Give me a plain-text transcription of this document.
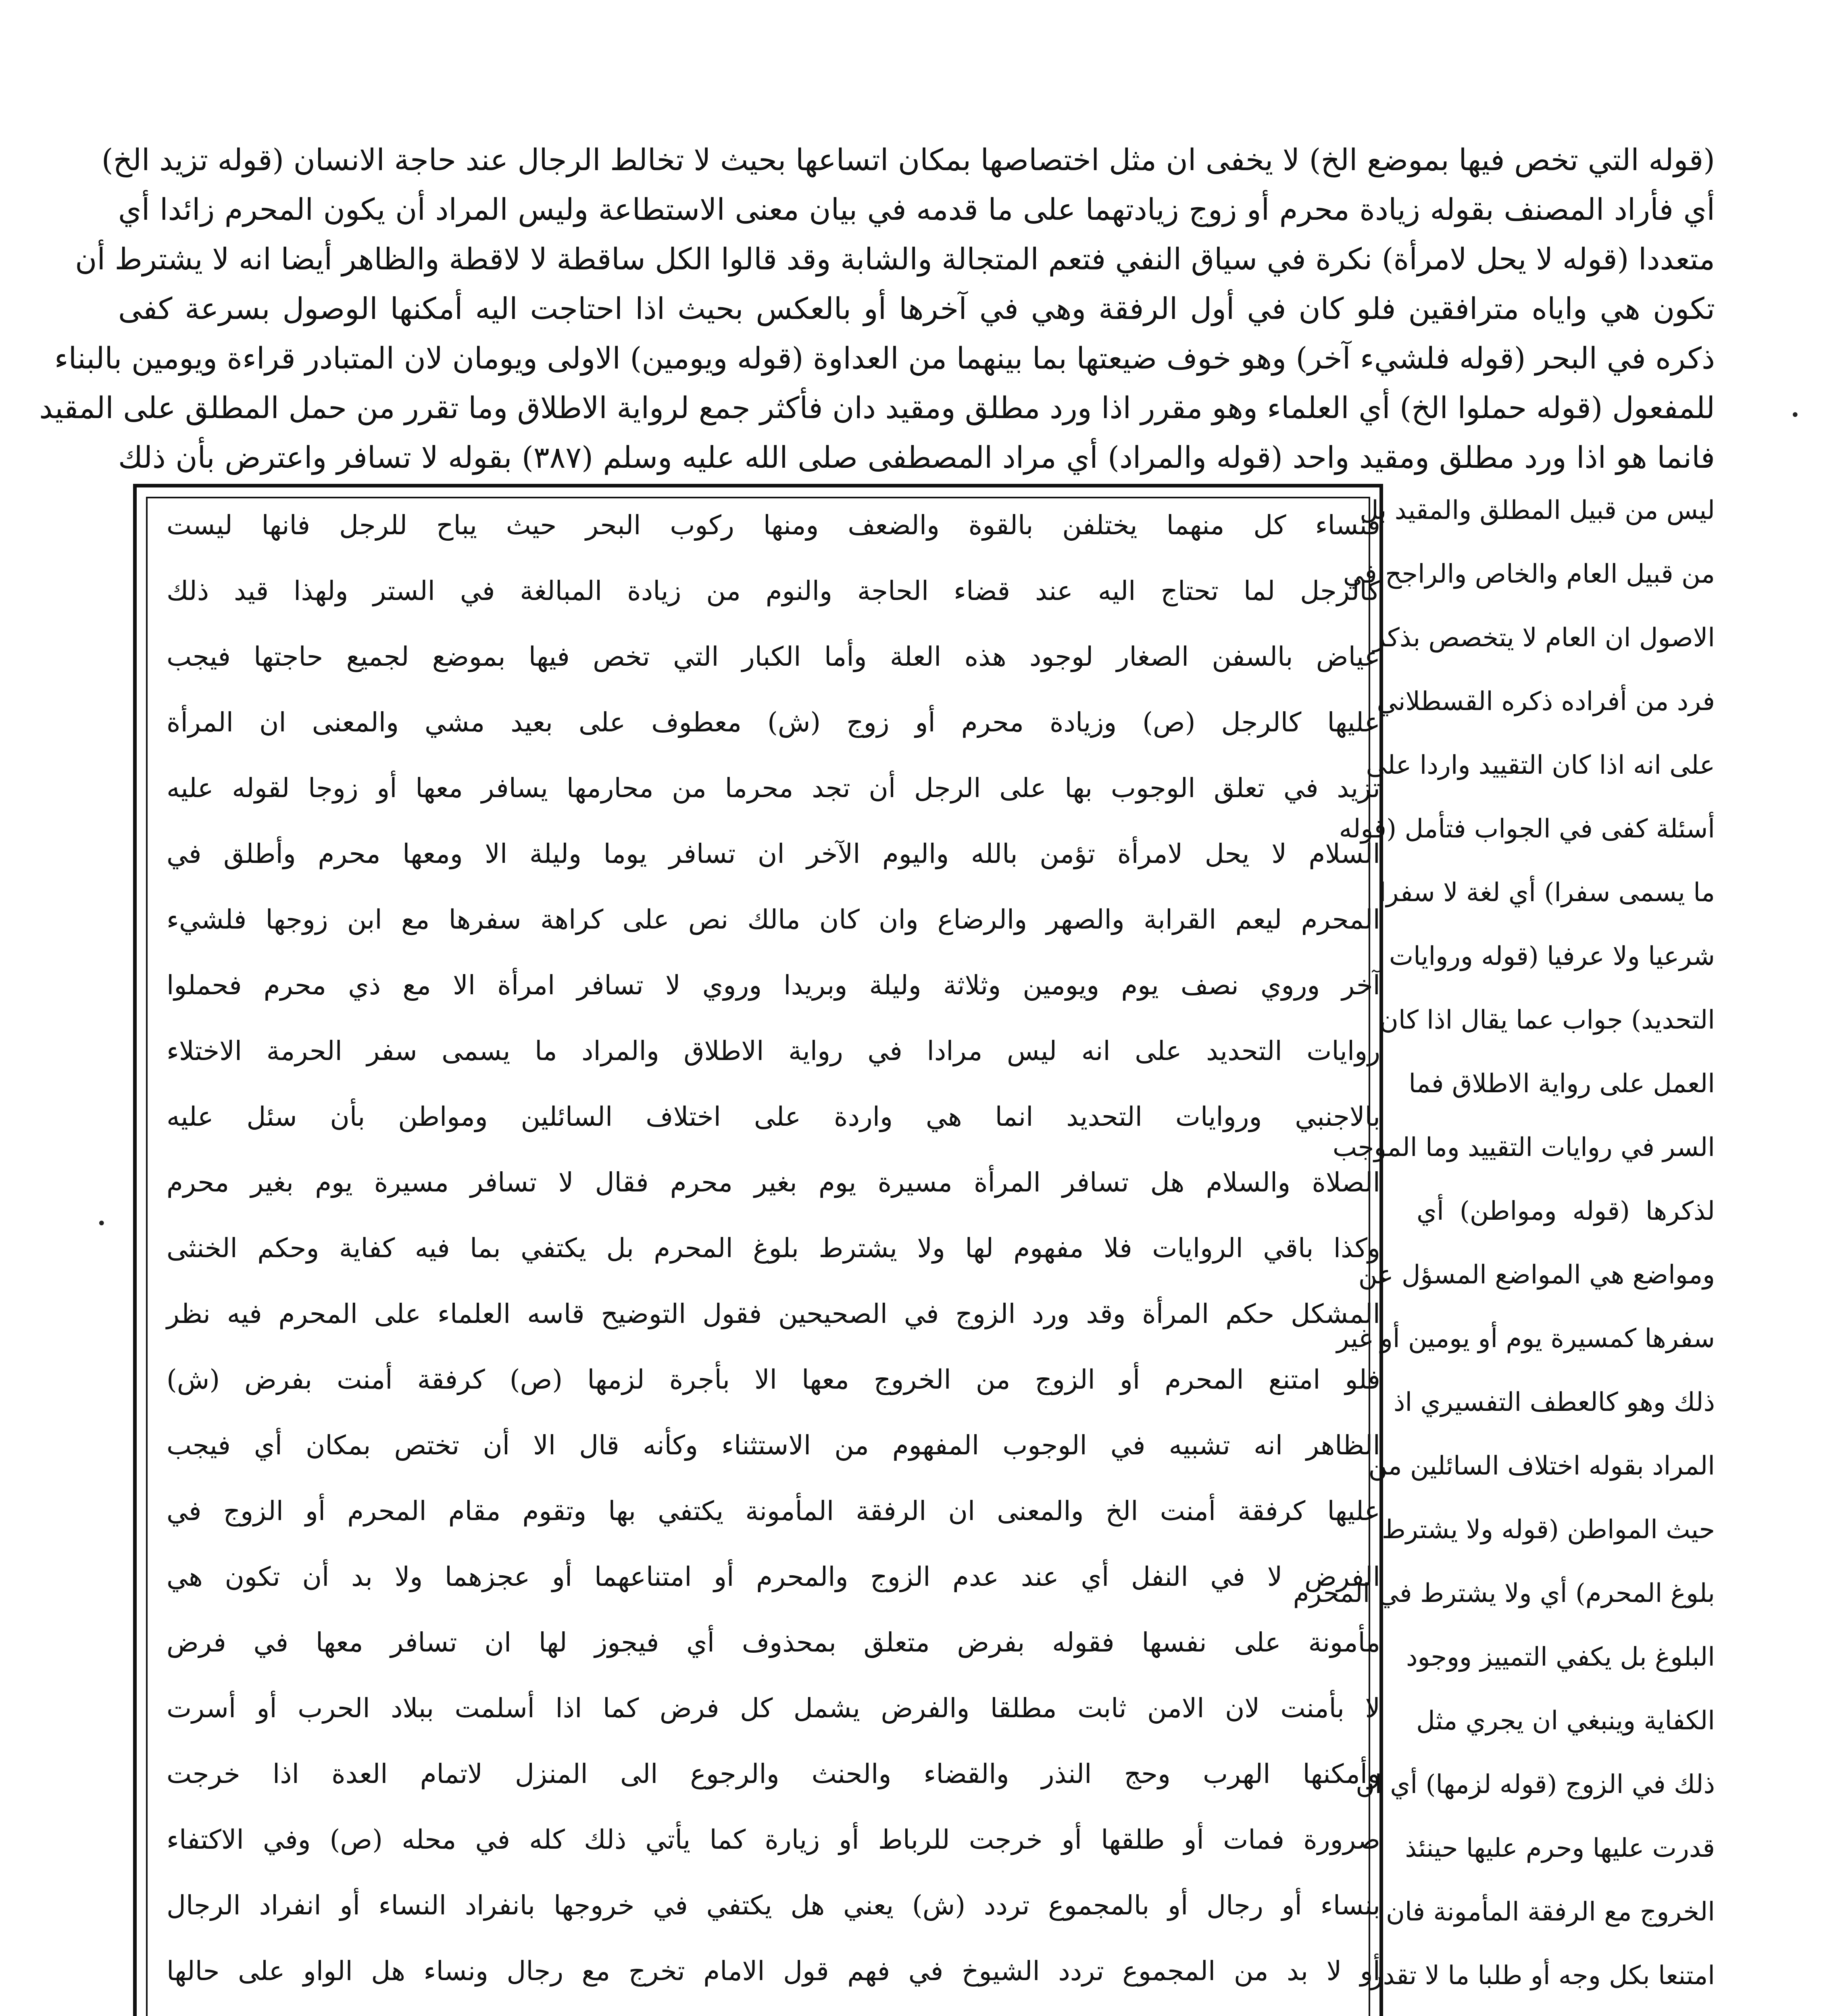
(قوله التي تخص فيها بموضع الخ) لا يخفى ان مثل اختصاصها بمكان اتساعها بحيث لا تخالط الرجال عند حاجة الانسان (قوله تزيد الخ)
أي فأراد المصنف بقوله زيادة محرم أو زوج زيادتهما على ما قدمه في بيان معنى الاستطاعة وليس المراد أن يكون المحرم زائدا أي
متعددا (قوله لا يحل لامرأة) نكرة في سياق النفي فتعم المتجالة والشابة وقد قالوا الكل ساقطة لا لاقطة والظاهر أيضا انه لا يشترط أن
تكون هي واياه مترافقين فلو كان في أول الرفقة وهي في آخرها أو بالعكس بحيث اذا احتاجت اليه أمكنها الوصول بسرعة كفى
ذكره في البحر (قوله فلشيء آخر) وهو خوف ضيعتها بما بينهما من العداوة (قوله ويومين) الاولى ويومان لان المتبادر قراءة ويومين بالبناء
للمفعول (قوله حملوا الخ) أي العلماء وهو مقرر اذا ورد مطلق ومقيد دان فأكثر جمع لرواية الاطلاق وما تقرر من حمل المطلق على المقيد
فانما هو اذا ورد مطلق ومقيد واحد (قوله والمراد) أي مراد المصطفى صلى الله عليه وسلم (٣٨٧) بقوله لا تسافر واعترض بأن ذلك
فنساء كل منهما يختلفن بالقوة والضعف ومنها ركوب البحر حيث يباح للرجل فانها ليست
كالرجل لما تحتاج اليه عند قضاء الحاجة والنوم من زيادة المبالغة في الستر ولهذا قيد ذلك
عياض بالسفن الصغار لوجود هذه العلة وأما الكبار التي تخص فيها بموضع لجميع حاجتها فيجب
عليها كالرجل (ص) وزيادة محرم أو زوج (ش) معطوف على بعيد مشي والمعنى ان المرأة
تزيد في تعلق الوجوب بها على الرجل أن تجد محرما من محارمها يسافر معها أو زوجا لقوله عليه
السلام لا يحل لامرأة تؤمن بالله واليوم الآخر ان تسافر يوما وليلة الا ومعها محرم وأطلق في
المحرم ليعم القرابة والصهر والرضاع وان كان مالك نص على كراهة سفرها مع ابن زوجها فلشيء
آخر وروي نصف يوم ويومين وثلاثة وليلة وبريدا وروي لا تسافر امرأة الا مع ذي محرم فحملوا
روايات التحديد على انه ليس مرادا في رواية الاطلاق والمراد ما يسمى سفر الحرمة الاختلاء
بالاجنبي وروايات التحديد انما هي واردة على اختلاف السائلين ومواطن بأن سئل عليه
الصلاة والسلام هل تسافر المرأة مسيرة يوم بغير محرم فقال لا تسافر مسيرة يوم بغير محرم
وكذا باقي الروايات فلا مفهوم لها ولا يشترط بلوغ المحرم بل يكتفي بما فيه كفاية وحكم الخنثى
المشكل حكم المرأة وقد ورد الزوج في الصحيحين فقول التوضيح قاسه العلماء على المحرم فيه نظر
فلو امتنع المحرم أو الزوج من الخروج معها الا بأجرة لزمها (ص) كرفقة أمنت بفرض (ش)
الظاهر انه تشبيه في الوجوب المفهوم من الاستثناء وكأنه قال الا أن تختص بمكان أي فيجب
عليها كرفقة أمنت الخ والمعنى ان الرفقة المأمونة يكتفي بها وتقوم مقام المحرم أو الزوج في
الفرض لا في النفل أي عند عدم الزوج والمحرم أو امتناعهما أو عجزهما ولا بد أن تكون هي
مأمونة على نفسها فقوله بفرض متعلق بمحذوف أي فيجوز لها ان تسافر معها في فرض
لا بأمنت لان الامن ثابت مطلقا والفرض يشمل كل فرض كما اذا أسلمت ببلاد الحرب أو أسرت
وأمكنها الهرب وحج النذر والقضاء والحنث والرجوع الى المنزل لاتمام العدة اذا خرجت
صرورة فمات أو طلقها أو خرجت للرباط أو زيارة كما يأتي ذلك كله في محله (ص) وفي الاكتفاء
بنساء أو رجال أو بالمجموع تردد (ش) يعني هل يكتفي في خروجها بانفراد النساء أو انفراد الرجال
أو لا بد من المجموع تردد الشيوخ في فهم قول الامام تخرج مع رجال ونساء هل الواو على حالها
ليس من قبيل المطلق والمقيد بل
من قبيل العام والخاص والراجح في
الاصول ان العام لا يتخصص بذكر
فرد من أفراده ذكره القسطلاني
على انه اذا كان التقييد واردا على
أسئلة كفى في الجواب فتأمل (قوله
ما يسمى سفرا) أي لغة لا سفرا
شرعيا ولا عرفيا (قوله وروايات
التحديد) جواب عما يقال اذا كان
العمل على رواية الاطلاق فما
السر في روايات التقييد وما الموجب
لذكرها (قوله ومواطن) أي
ومواضع هي المواضع المسؤل عن
سفرها كمسيرة يوم أو يومين أو غير
ذلك وهو كالعطف التفسيري اذ
المراد بقوله اختلاف السائلين من
حيث المواطن (قوله ولا يشترط
بلوغ المحرم) أي ولا يشترط في المحرم
البلوغ بل يكفي التمييز ووجود
الكفاية وينبغي ان يجري مثل
ذلك في الزوج (قوله لزمها) أي ان
قدرت عليها وحرم عليها حينئذ
الخروج مع الرفقة المأمونة فان
امتنعا بكل وجه أو طلبا ما لا تقدر
•
•
